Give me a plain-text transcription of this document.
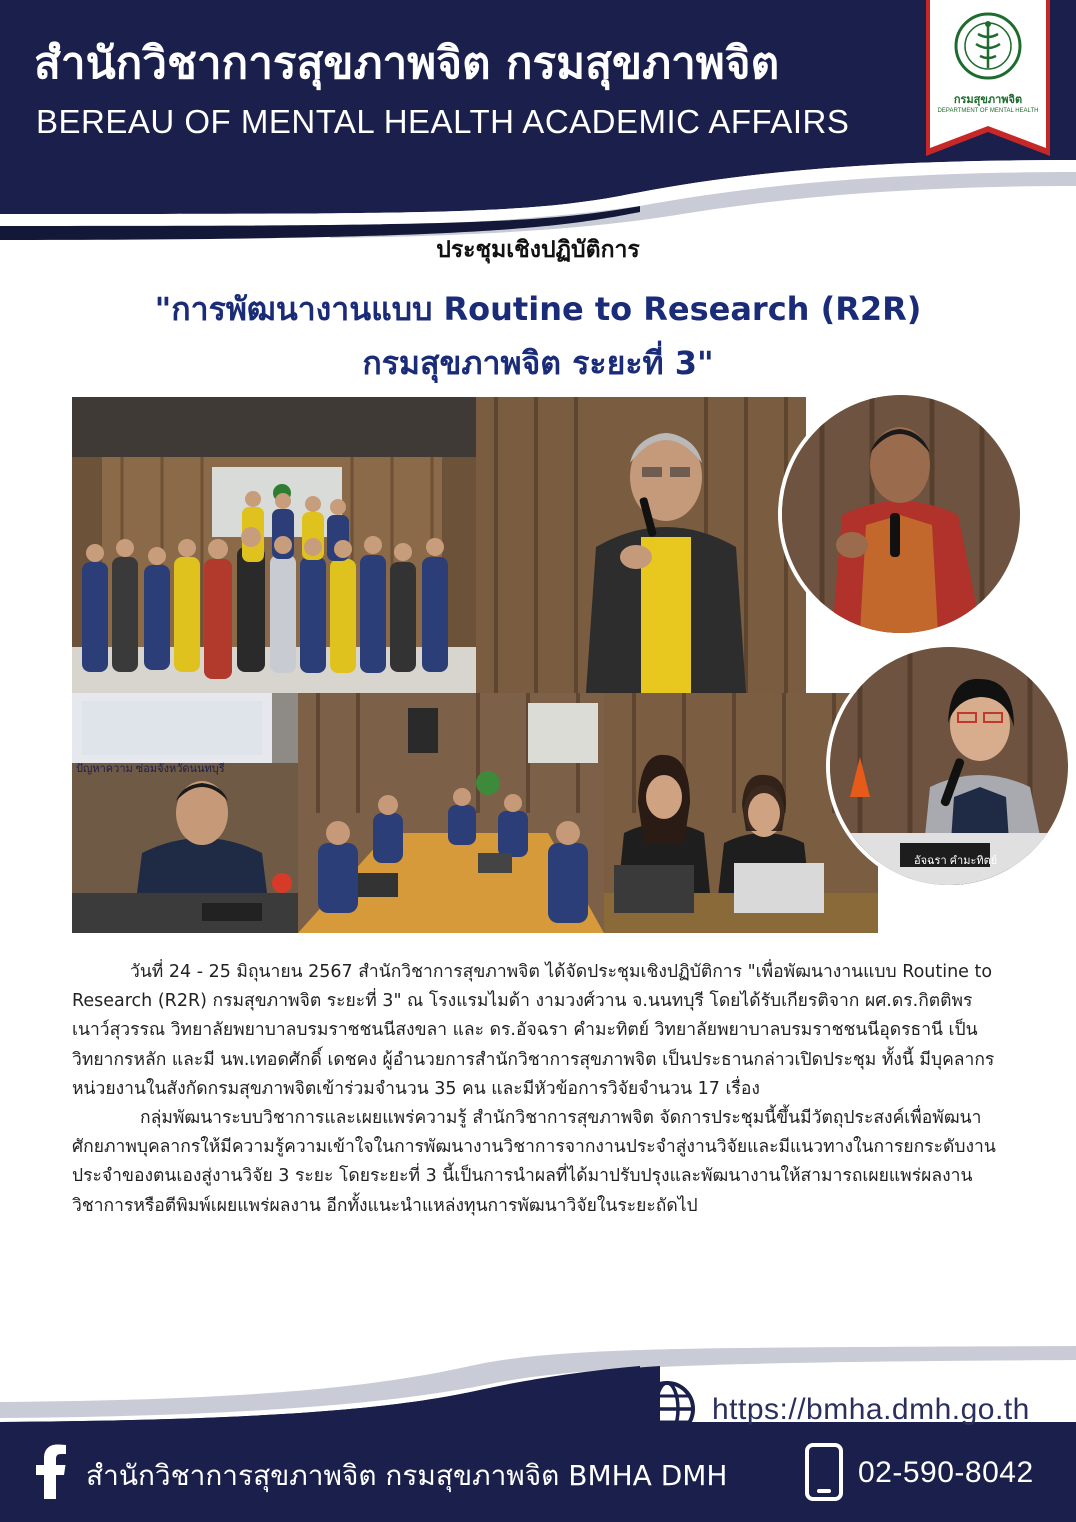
สำนักวิชาการสุขภาพจิต กรมสุขภาพจิต
BEREAU OF MENTAL HEALTH ACADEMIC AFFAIRS
กรมสุขภาพจิต
DEPARTMENT OF MENTAL HEALTH
ประชุมเชิงปฏิบัติการ
"การพัฒนางานแบบ Routine to Research (R2R)
กรมสุขภาพจิต ระยะที่ 3"
ปัญหาความ ซ่อมจังหวัดนนทบุรี
อัจฉรา คำมะทิตย์

วันที่ 24 - 25 มิถุนายน 2567 สำนักวิชาการสุขภาพจิต ได้จัดประชุมเชิงปฏิบัติการ "เพื่อพัฒนางานแบบ Routine to Research (R2R) กรมสุขภาพจิต ระยะที่ 3" ณ โรงแรมไมด้า งามวงศ์วาน จ.นนทบุรี โดยได้รับเกียรติจาก ผศ.ดร.กิตติพร เนาว์สุวรรณ วิทยาลัยพยาบาลบรมราชชนนีสงขลา และ ดร.อัจฉรา คำมะทิตย์ วิทยาลัยพยาบาลบรมราชชนนีอุดรธานี เป็นวิทยากรหลัก และมี นพ.เทอดศักดิ์ เดชคง ผู้อำนวยการสำนักวิชาการสุขภาพจิต เป็นประธานกล่าวเปิดประชุม ทั้งนี้ มีบุคลากรหน่วยงานในสังกัดกรมสุขภาพจิตเข้าร่วมจำนวน 35 คน และมีหัวข้อการวิจัยจำนวน 17 เรื่อง

กลุ่มพัฒนาระบบวิชาการและเผยแพร่ความรู้ สำนักวิชาการสุขภาพจิต จัดการประชุมนี้ขึ้นมีวัตถุประสงค์เพื่อพัฒนาศักยภาพบุคลากรให้มีความรู้ความเข้าใจในการพัฒนางานวิชาการจากงานประจำสู่งานวิจัยและมีแนวทางในการยกระดับงานประจำของตนเองสู่งานวิจัย 3 ระยะ โดยระยะที่ 3 นี้เป็นการนำผลที่ได้มาปรับปรุงและพัฒนางานให้สามารถเผยแพร่ผลงานวิชาการหรือตีพิมพ์เผยแพร่ผลงาน อีกทั้งแนะนำแหล่งทุนการพัฒนาวิจัยในระยะถัดไป

https://bmha.dmh.go.th
สำนักวิชาการสุขภาพจิต กรมสุขภาพจิต BMHA DMH	02-590-8042
